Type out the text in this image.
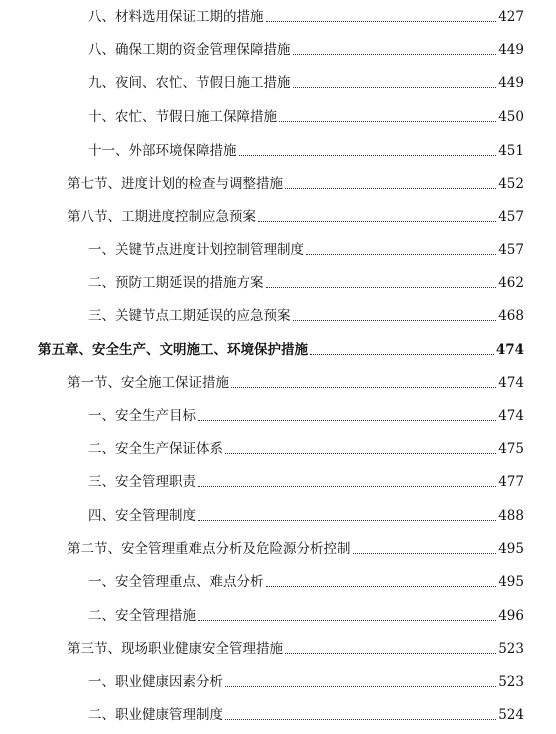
八、材料选用保证工期的措施	427
八、确保工期的资金管理保障措施	449
九、夜间、农忙、节假日施工措施	449
十、农忙、节假日施工保障措施	450
十一、外部环境保障措施	451
第七节、进度计划的检查与调整措施	452
第八节、工期进度控制应急预案	457
一、关键节点进度计划控制管理制度	457
二、预防工期延误的措施方案	462
三、关键节点工期延误的应急预案	468
第五章、安全生产、文明施工、环境保护措施	474
第一节、安全施工保证措施	474
一、安全生产目标	474
二、安全生产保证体系	475
三、安全管理职责	477
四、安全管理制度	488
第二节、安全管理重难点分析及危险源分析控制	495
一、安全管理重点、难点分析	495
二、安全管理措施	496
第三节、现场职业健康安全管理措施	523
一、职业健康因素分析	523
二、职业健康管理制度	524
